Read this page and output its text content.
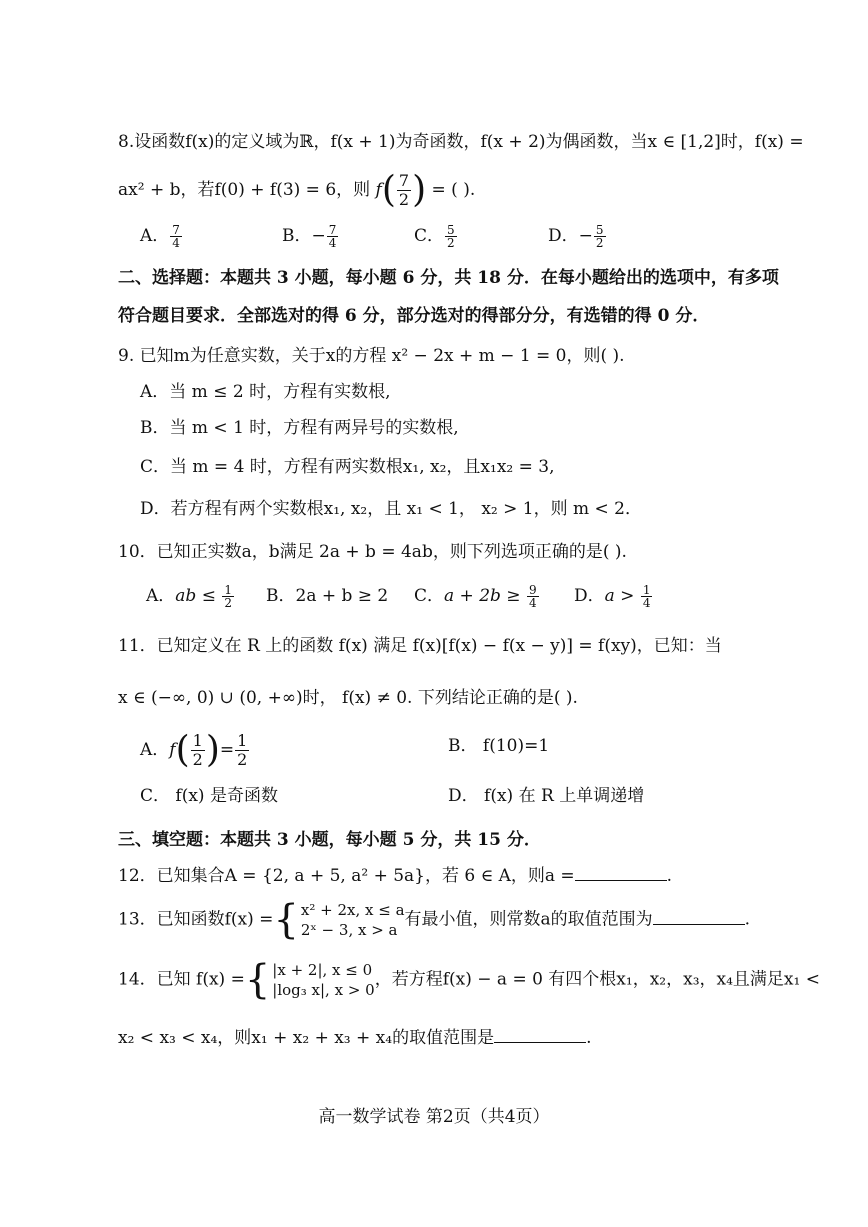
8.设函数f(x)的定义域为ℝ，f(x + 1)为奇函数，f(x + 2)为偶函数，当x ∈ [1,2]时，f(x) =
ax² + b，若f(0) + f(3) = 6，则 $f( \frac{7}{2}$ ) = ( ).
A． $\frac{7}{4}$	B．− $\frac{7}{4}$	C． $\frac{5}{2}$	D．− $\frac{5}{2}$
二、选择题：本题共 3 小题，每小题 6 分，共 18 分．在每小题给出的选项中，有多项
符合题目要求．全部选对的得 6 分，部分选对的得部分分，有选错的得 0 分．
9. 已知m为任意实数，关于x的方程 x² − 2x + m − 1 = 0，则( ).
A．当 m ≤ 2 时，方程有实数根,
B．当 m < 1 时，方程有两异号的实数根,
C．当 m = 4 时，方程有两实数根x₁, x₂，且x₁x₂ = 3,
D．若方程有两个实数根x₁, x₂，且 x₁ < 1， x₂ > 1，则 m < 2．
10．已知正实数a，b满足 2a + b = 4ab，则下列选项正确的是( ).
A．ab ≤ $\frac{1}{2}$ B．2a + b ≥ 2 C．$a + 2b \ge \frac{9}{4}$ D．$a > \frac{1}{4}$
11．已知定义在 R 上的函数 f(x) 满足 f(x)[f(x) − f(x − y)] = f(xy)，已知：当
x ∈ (−∞, 0) ∪ (0, +∞)时， f(x) ≠ 0. 下列结论正确的是( ).
A．$f( \frac{1}{2}$ )= $\frac{1}{2}$	B． f(10)=1
C． f(x) 是奇函数	D． f(x) 在 R 上单调递增
三、填空题：本题共 3 小题，每小题 5 分，共 15 分．
12．已知集合A = {2, a + 5, a² + 5a}，若 6 ∈ A，则a =	.
13．已知函数f(x) = { x² + 2x, x ≤ a
2ˣ − 3, x > a
有最小值，则常数a的取值范围为	.
14．已知 f(x) = { |x + 2|, x ≤ 0
|log₃ x|, x > 0
，若方程f(x) − a = 0 有四个根x₁，x₂，x₃，x₄且满足x₁ <
x₂ < x₃ < x₄，则x₁ + x₂ + x₃ + x₄的取值范围是	.
高一数学试卷 第2页（共4页）
